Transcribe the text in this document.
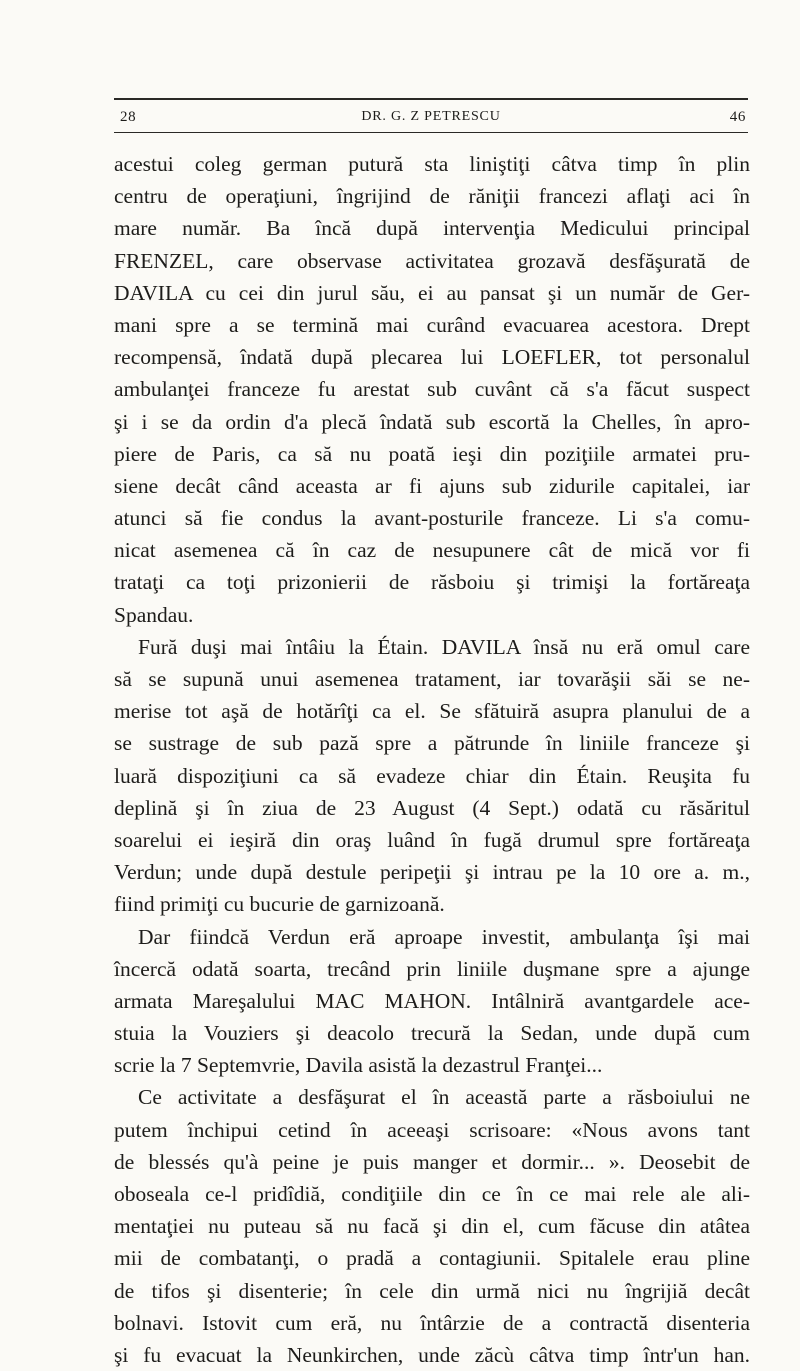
28	DR. G. Z PETRESCU	46
acestui coleg german putură sta liniştiţi câtva timp în plin
centru de operaţiuni, îngrijind de răniţii francezi aflaţi aci în
mare număr. Ba încă după intervenţia Medicului principal
FRENZEL, care observase activitatea grozavă desfăşurată de
DAVILA cu cei din jurul său, ei au pansat şi un număr de Ger-
mani spre a se termină mai curând evacuarea acestora. Drept
recompensă, îndată după plecarea lui LOEFLER, tot personalul
ambulanţei franceze fu arestat sub cuvânt că s'a făcut suspect
şi i se da ordin d'a plecă îndată sub escortă la Chelles, în apro-
piere de Paris, ca să nu poată ieşi din poziţiile armatei pru-
siene decât când aceasta ar fi ajuns sub zidurile capitalei, iar
atunci să fie condus la avant-posturile franceze. Li s'a comu-
nicat asemenea că în caz de nesupunere cât de mică vor fi
trataţi ca toţi prizonierii de răsboiu şi trimişi la fortăreaţa
Spandau.
Fură duşi mai întâiu la Étain. DAVILA însă nu eră omul care
să se supună unui asemenea tratament, iar tovarăşii săi se ne-
merise tot aşă de hotărîţi ca el. Se sfătuiră asupra planului de a
se sustrage de sub pază spre a pătrunde în liniile franceze şi
luară dispoziţiuni ca să evadeze chiar din Étain. Reuşita fu
deplină şi în ziua de 23 August (4 Sept.) odată cu răsăritul
soarelui ei ieşiră din oraş luând în fugă drumul spre fortăreaţa
Verdun; unde după destule peripeţii şi intrau pe la 10 ore a. m.,
fiind primiţi cu bucurie de garnizoană.
Dar fiindcă Verdun eră aproape investit, ambulanţa îşi mai
încercă odată soarta, trecând prin liniile duşmane spre a ajunge
armata Mareşalului MAC MAHON. Intâlniră avantgardele ace-
stuia la Vouziers şi deacolo trecură la Sedan, unde după cum
scrie la 7 Septemvrie, Davila asistă la dezastrul Franţei...
Ce activitate a desfăşurat el în această parte a răsboiului ne
putem închipui cetind în aceeaşi scrisoare: «Nous avons tant
de blessés qu'à peine je puis manger et dormir... ». Deosebit de
oboseala ce-l pridîdiă, condiţiile din ce în ce mai rele ale ali-
mentaţiei nu puteau să nu facă şi din el, cum făcuse din atâtea
mii de combatanţi, o pradă a contagiunii. Spitalele erau pline
de tifos şi disenterie; în cele din urmă nici nu îngrijiă decât
bolnavi. Istovit cum eră, nu întârzie de a contractă disenteria
şi fu evacuat la Neunkirchen, unde zăcù câtva timp într'un han.
